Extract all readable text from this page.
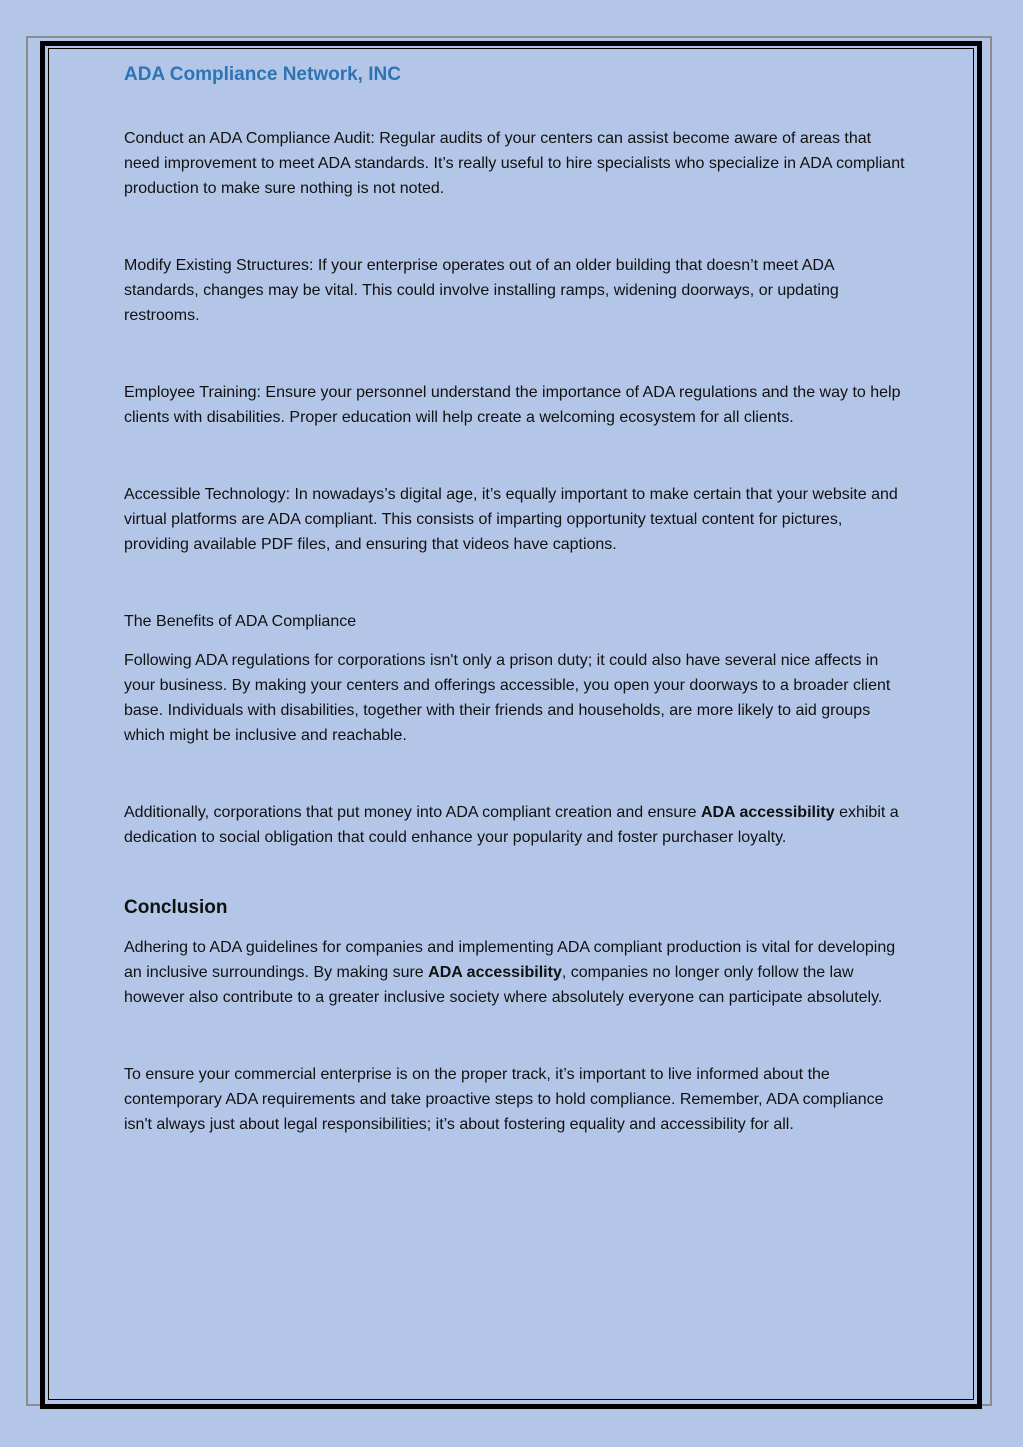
ADA Compliance Network, INC

Conduct an ADA Compliance Audit: Regular audits of your centers can assist become aware of areas that need improvement to meet ADA standards. It’s really useful to hire specialists who specialize in ADA compliant production to make sure nothing is not noted.

Modify Existing Structures: If your enterprise operates out of an older building that doesn’t meet ADA standards, changes may be vital. This could involve installing ramps, widening doorways, or updating restrooms.

Employee Training: Ensure your personnel understand the importance of ADA regulations and the way to help clients with disabilities. Proper education will help create a welcoming ecosystem for all clients.

Accessible Technology: In nowadays’s digital age, it’s equally important to make certain that your website and virtual platforms are ADA compliant. This consists of imparting opportunity textual content for pictures, providing available PDF files, and ensuring that videos have captions.

The Benefits of ADA Compliance

Following ADA regulations for corporations isn't only a prison duty; it could also have several nice affects in your business. By making your centers and offerings accessible, you open your doorways to a broader client base. Individuals with disabilities, together with their friends and households, are more likely to aid groups which might be inclusive and reachable.

Additionally, corporations that put money into ADA compliant creation and ensure ADA accessibility exhibit a dedication to social obligation that could enhance your popularity and foster purchaser loyalty.

Conclusion

Adhering to ADA guidelines for companies and implementing ADA compliant production is vital for developing an inclusive surroundings. By making sure ADA accessibility, companies no longer only follow the law however also contribute to a greater inclusive society where absolutely everyone can participate absolutely.

To ensure your commercial enterprise is on the proper track, it’s important to live informed about the contemporary ADA requirements and take proactive steps to hold compliance. Remember, ADA compliance isn't always just about legal responsibilities; it’s about fostering equality and accessibility for all.
